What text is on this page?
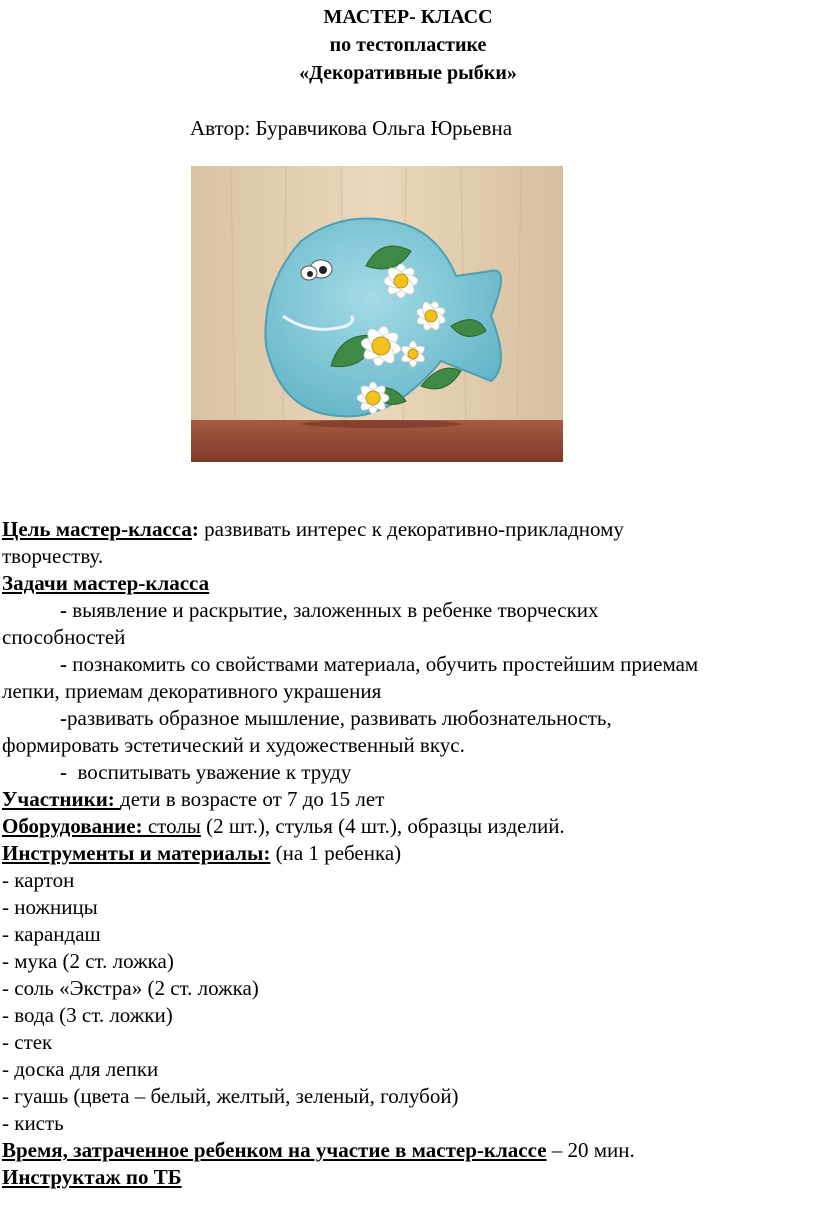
МАСТЕР- КЛАСС
по тестопластике
«Декоративные рыбки»
Автор: Буравчикова Ольга Юрьевна

Цель мастер-класса: развивать интерес к декоративно-прикладному

творчеству.

Задачи мастер-класса

- выявление и раскрытие, заложенных в ребенке творческих

способностей

- познакомить со свойствами материала, обучить простейшим приемам

лепки, приемам декоративного украшения

-развивать образное мышление, развивать любознательность,

формировать эстетический и художественный вкус.

-  воспитывать уважение к труду

Участники: дети в возрасте от 7 до 15 лет

Оборудование: столы (2 шт.), стулья (4 шт.), образцы изделий.

Инструменты и материалы: (на 1 ребенка)

- картон

- ножницы

- карандаш

- мука (2 ст. ложка)

- соль «Экстра» (2 ст. ложка)

- вода (3 ст. ложки)

- стек

- доска для лепки

- гуашь (цвета – белый, желтый, зеленый, голубой)

- кисть

Время, затраченное ребенком на участие в мастер-классе – 20 мин.

Инструктаж по ТБ
